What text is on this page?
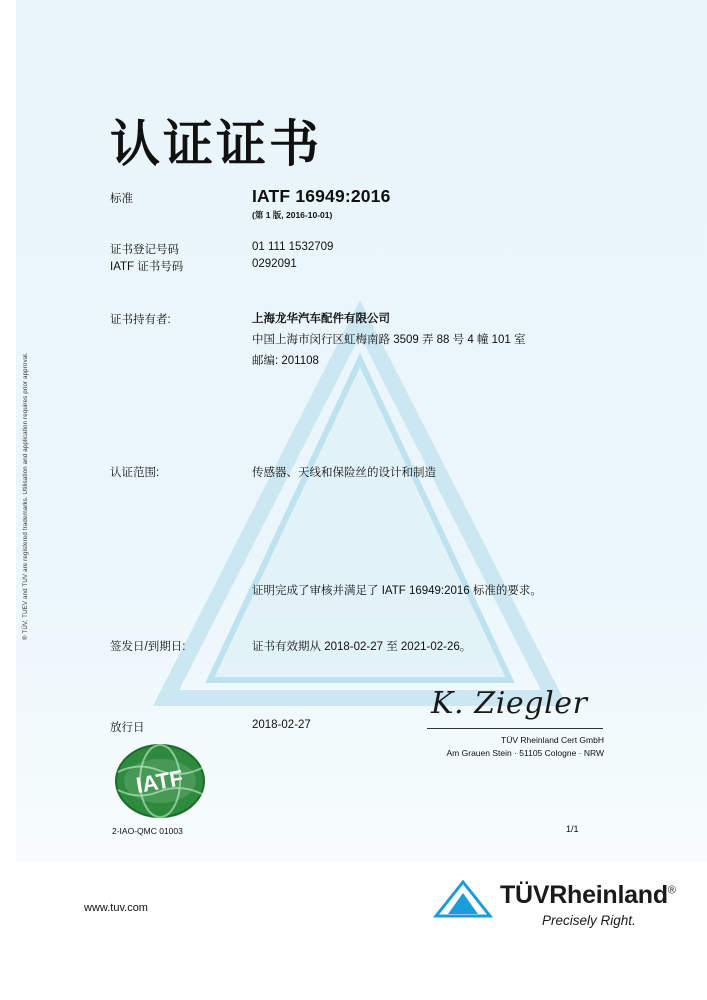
® TÜV, TUEV and TUV are registered trademarks. Utilisation and application requires prior approval.
认证证书
标准	IATF 16949:2016
(第 1 版, 2016-10-01)
证书登记号码	01 111 1532709
IATF 证书号码	0292091
证书持有者:	上海龙华汽车配件有限公司
中国上海市闵行区虹梅南路 3509 弄 88 号 4 幢 101 室
邮编: 201108
认证范围:	传感器、天线和保险丝的设计和制造
证明完成了审核并满足了 IATF 16949:2016 标准的要求。
签发日/到期日:	证书有效期从 2018-02-27 至 2021-02-26。
放行日	2018-02-27
K. Ziegler
TÜV Rheinland Cert GmbH
Am Grauen Stein · 51105 Cologne · NRW
IATF
2-IAO-QMC 01003	1/1
www.tuv.com	TÜVRheinland®
Precisely Right.
